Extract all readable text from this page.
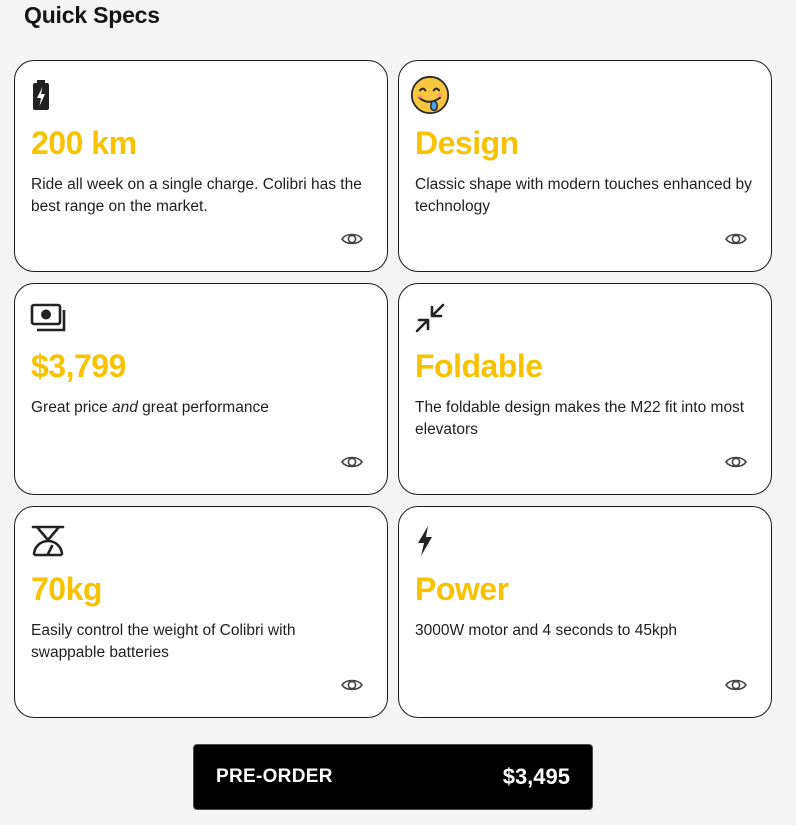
Quick Specs
200 km

Ride all week on a single charge. Colibri has the best range on the market.

Design

Classic shape with modern touches enhanced by technology

$3,799

Great price and great performance

Foldable

The foldable design makes the M22 fit into most elevators

70kg

Easily control the weight of Colibri with swappable batteries

Power

3000W motor and 4 seconds to 45kph

PRE-ORDER	$3,495
